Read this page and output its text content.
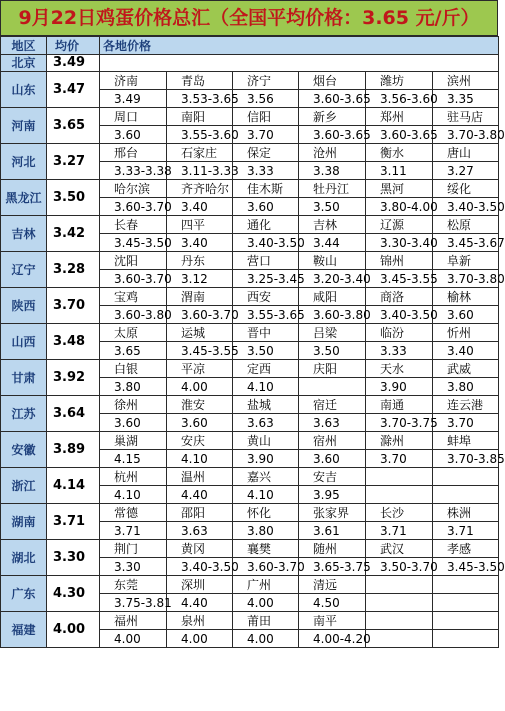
9月22日鸡蛋价格总汇（全国平均价格：3.65 元/斤）
地区	均价	各地价格					
北京	3.49						
山东	3.47	济南	青岛	济宁	烟台	潍坊	滨州
		3.49	3.53-3.65	3.56	3.60-3.65	3.56-3.60	3.35
河南	3.65	周口	南阳	信阳	新乡	郑州	驻马店
		3.60	3.55-3.60	3.70	3.60-3.65	3.60-3.65	3.70-3.80
河北	3.27	邢台	石家庄	保定	沧州	衡水	唐山
		3.33-3.38	3.11-3.33	3.33	3.38	3.11	3.27
黑龙江	3.50	哈尔滨	齐齐哈尔	佳木斯	牡丹江	黑河	绥化
		3.60-3.70	3.40	3.60	3.50	3.80-4.00	3.40-3.50
吉林	3.42	长春	四平	通化	吉林	辽源	松原
		3.45-3.50	3.40	3.40-3.50	3.44	3.30-3.40	3.45-3.67
辽宁	3.28	沈阳	丹东	营口	鞍山	锦州	阜新
		3.60-3.70	3.12	3.25-3.45	3.20-3.40	3.45-3.55	3.70-3.80
陕西	3.70	宝鸡	渭南	西安	咸阳	商洛	榆林
		3.60-3.80	3.60-3.70	3.55-3.65	3.60-3.80	3.40-3.50	3.60
山西	3.48	太原	运城	晋中	吕梁	临汾	忻州
		3.65	3.45-3.55	3.50	3.50	3.33	3.40
甘肃	3.92	白银	平凉	定西	庆阳	天水	武威
		3.80	4.00	4.10		3.90	3.80
江苏	3.64	徐州	淮安	盐城	宿迁	南通	连云港
		3.60	3.60	3.63	3.63	3.70-3.75	3.70
安徽	3.89	巢湖	安庆	黄山	宿州	滁州	蚌埠
		4.15	4.10	3.90	3.60	3.70	3.70-3.85
浙江	4.14	杭州	温州	嘉兴	安吉		
		4.10	4.40	4.10	3.95		
湖南	3.71	常德	邵阳	怀化	张家界	长沙	株洲
		3.71	3.63	3.80	3.61	3.71	3.71
湖北	3.30	荆门	黄冈	襄樊	随州	武汉	孝感
		3.30	3.40-3.50	3.60-3.70	3.65-3.75	3.50-3.70	3.45-3.50
广东	4.30	东莞	深圳	广州	清远		
		3.75-3.81	4.40	4.00	4.50		
福建	4.00	福州	泉州	莆田	南平		
		4.00	4.00	4.00	4.00-4.20		
